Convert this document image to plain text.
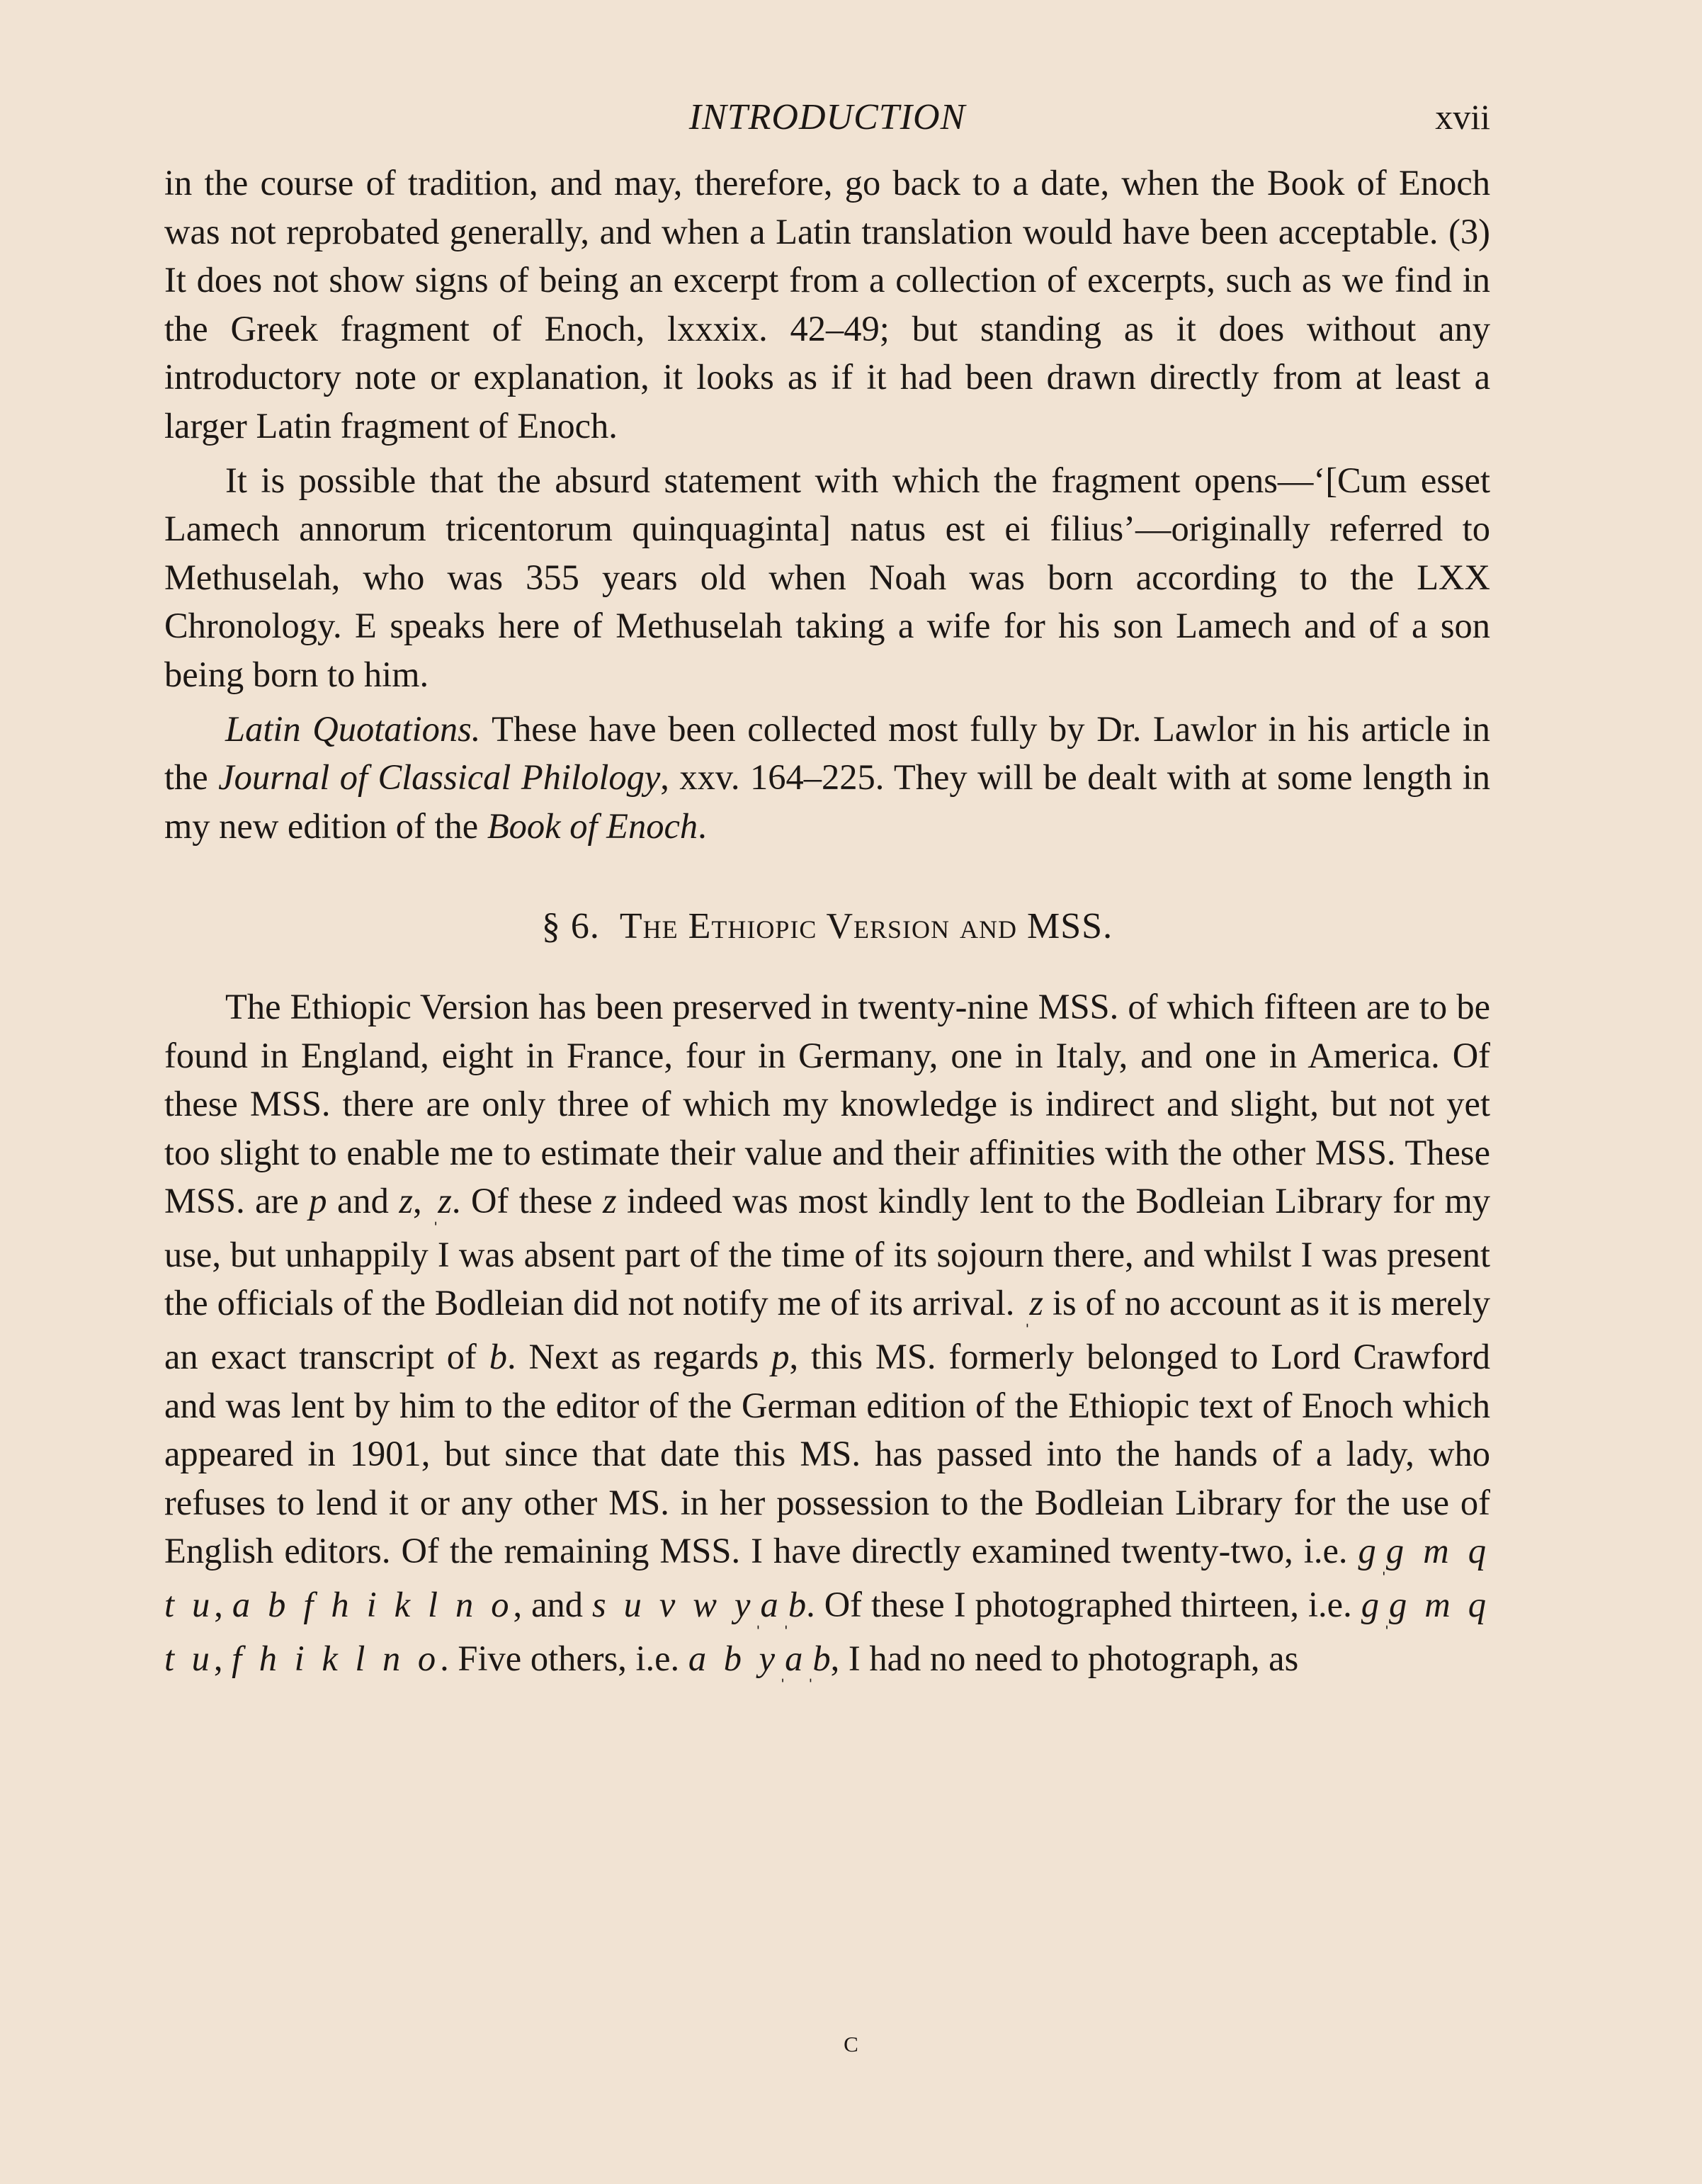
INTRODUCTION	xvii

in the course of tradition, and may, therefore, go back to a date, when the Book of Enoch was not reprobated generally, and when a Latin translation would have been acceptable. (3) It does not show signs of being an excerpt from a collection of excerpts, such as we find in the Greek fragment of Enoch, lxxxix. 42–49; but standing as it does without any introductory note or explanation, it looks as if it had been drawn directly from at least a larger Latin fragment of Enoch.

It is possible that the absurd statement with which the fragment opens—‘[Cum esset Lamech annorum tricentorum quinquaginta] natus est ei filius’—originally referred to Methuselah, who was 355 years old when Noah was born according to the LXX Chronology. E speaks here of Methuselah taking a wife for his son Lamech and of a son being born to him.

Latin Quotations. These have been collected most fully by Dr. Lawlor in his article in the Journal of Classical Philology, xxv. 164–225. They will be dealt with at some length in my new edition of the Book of Enoch.

§ 6. The Ethiopic Version and MSS.

The Ethiopic Version has been preserved in twenty-nine MSS. of which fifteen are to be found in England, eight in France, four in Germany, one in Italy, and one in America. Of these MSS. there are only three of which my knowledge is indirect and slight, but not yet too slight to enable me to estimate their value and their affinities with the other MSS. These MSS. are p and z, $_ˌ$z. Of these z indeed was most kindly lent to the Bodleian Library for my use, but unhappily I was absent part of the time of its sojourn there, and whilst I was present the officials of the Bodleian did not notify me of its arrival. $_ˌ$z is of no account as it is merely an exact transcript of b. Next as regards p, this MS. formerly belonged to Lord Crawford and was lent by him to the editor of the German edition of the Ethiopic text of Enoch which appeared in 1901, but since that date this MS. has passed into the hands of a lady, who refuses to lend it or any other MS. in her possession to the Bodleian Library for the use of English editors. Of the remaining MSS. I have directly examined twenty-two, i.e. $g_ˌg$ m q t u, a b f h i k l n o, and s u v w $y_ˌa_ˌb$. Of these I photographed thirteen, i.e. $g_ˌg$ m q t u, f h i k l n o. Five others, i.e. a b $y_ˌa_ˌb$, I had no need to photograph, as

c
